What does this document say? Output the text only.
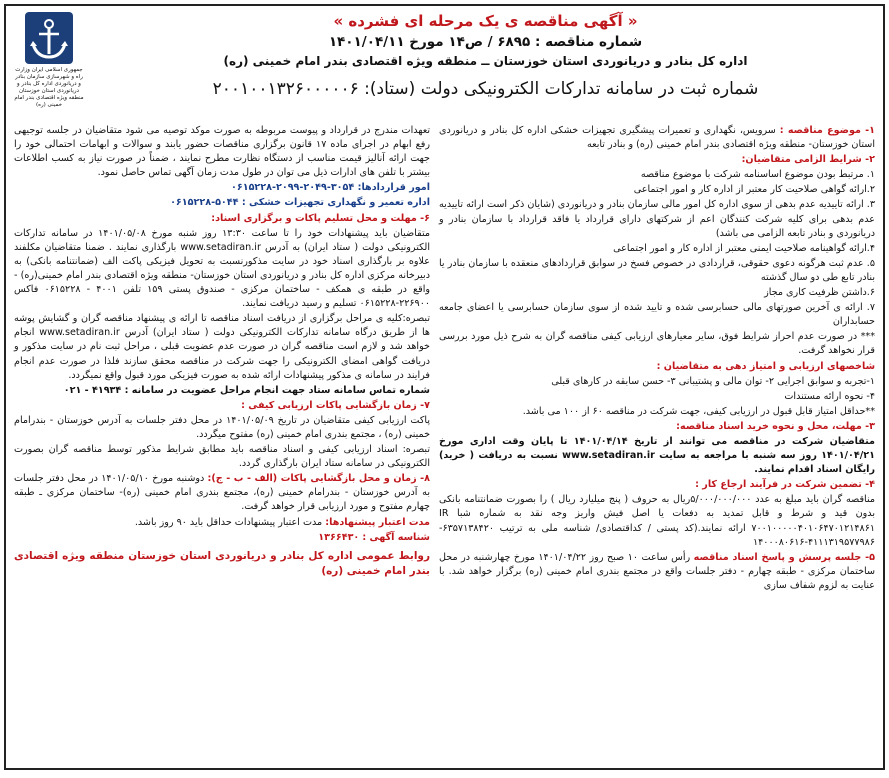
جمهوری اسلامی ایران وزارت راه و شهرسازی سازمان بنادر و دریانوردی اداره کل بنادر و دریانوردی استان خوزستان منطقه ویژه اقتصادی بندر امام خمینی (ره)
« آگهی مناقصه ی یک مرحله ای فشرده »
شماره مناقصه : ۶۸۹۵ / ص۱۴ مورخ ۱۴۰۱/۰۴/۱۱
اداره کل بنادر و دریانوردی استان خوزستان ــ منطقه ویژه اقتصادی بندر امام خمینی (ره)
شماره ثبت در سامانه تدارکات الکترونیکی دولت (ستاد): ۲۰۰۱۰۰۱۳۲۶۰۰۰۰۰۶

۱- موضوع مناقصه : سرویس، نگهداری و تعمیرات پیشگیری تجهیزات خشکی اداره کل بنادر و دریانوردی استان خوزستان- منطقه ویژه اقتصادی بندر امام خمینی (ره) و بنادر تابعه

۲- شرایط الزامی متقاضیان:

۱. مرتبط بودن موضوع اساسنامه شرکت با موضوع مناقصه

۲.ارائه گواهی صلاحیت کار معتبر از اداره کار و امور اجتماعی

۳. ارائه تاییدیه عدم بدهی از سوی اداره کل امور مالی سازمان بنادر و دریانوردی (شایان ذکر است ارائه تاییدیه عدم بدهی برای کلیه شرکت کنندگان اعم از شرکتهای دارای قرارداد یا فاقد قرارداد با سازمان بنادر و دریانوردی و بنادر تابعه الزامی می باشد)

۴.ارائه گواهینامه صلاحیت ایمنی معتبر از اداره کار و امور اجتماعی

۵. عدم ثبت هرگونه دعوی حقوقی، قراردادی در خصوص فسخ در سوابق قراردادهای منعقده با سازمان بنادر یا بنادر تابع طی دو سال گذشته

۶.داشتن ظرفیت کاری مجاز

۷. ارائه ی آخرین صورتهای مالی حسابرسی شده و تایید شده از سوی سازمان حسابرسی یا اعضای جامعه حسابداران

*** در صورت عدم احراز شرایط فوق، سایر معیارهای ارزیابی کیفی مناقصه گران به شرح ذیل مورد بررسی قرار نخواهد گرفت.

شاخصهای ارزیابی و امتیاز دهی به متقاضیان :

۱-تجربه و سوابق اجرایی ۲- توان مالی و پشتیبانی ۳- حسن سابقه در کارهای قبلی

۴- نحوه ارائه مستندات

**حداقل امتیاز قابل قبول در ارزیابی کیفی، جهت شرکت در مناقصه ۶۰ از ۱۰۰ می باشد.

۳- مهلت، محل و نحوه خرید اسناد مناقصه:

متقاضیان شرکت در مناقصه می توانند از تاریخ ۱۴۰۱/۰۴/۱۴ تا پایان وقت اداری مورخ ۱۴۰۱/۰۴/۲۱ روز سه شنبه با مراجعه به سایت www.setadiran.ir نسبت به دریافت ( خرید) رایگان اسناد اقدام نمایند.

۴- تضمین شرکت در فرآیند ارجاع کار :

مناقصه گران باید مبلغ به عدد ۵/۰۰۰/۰۰۰/۰۰۰ریال به حروف ( پنج میلیارد ریال ) را بصورت ضمانتنامه بانکی بدون قید و شرط و قابل تمدید به دفعات یا اصل فیش واریز وجه نقد به شماره شبا IR ۷۰۰۱۰۰۰۰۰۴۰۱۰۶۴۷۰۱۲۱۴۸۶۱ ارائه نمایند.(کد پستی / کداقتصادی/ شناسه ملی به ترتیب ۶۳۵۷۱۳۸۴۲۰- ۴۱۱۱۳۱۹۵۷۷۹۸۶-۱۴۰۰۰۸۰۶۱۶

۵- جلسه پرسش و پاسخ اسناد مناقصه رأس ساعت ۱۰ صبح روز ۱۴۰۱/۰۴/۲۲ مورخ چهارشنبه در محل ساختمان مرکزی - طبقه چهارم - دفتر جلسات واقع در مجتمع بندری امام خمینی (ره) برگزار خواهد شد. با عنایت به لزوم شفاف سازی

تعهدات مندرج در قرارداد و پیوست مربوطه به صورت موکد توصیه می شود متقاضیان در جلسه توجیهی رفع ابهام در اجرای ماده ۱۷ قانون برگزاری مناقصات حضور یابند و سوالات و ابهامات احتمالی خود را جهت ارائه آنالیز قیمت مناسب از دستگاه نظارت مطرح نمایند ، ضمناً در صورت نیاز به کسب اطلاعات بیشتر با تلفن های ادارات ذیل می توان در طول مدت زمان آگهی تماس حاصل نمود.

امور قراردادها: ۳۰۵۴-۲۰۴۹-۲۰۹۹-۰۶۱۵۲۲۸

اداره تعمیر و نگهداری تجهیزات خشکی : ۵۰۴۴-۰۶۱۵۲۲۸

۶- مهلت و محل تسلیم پاکات و برگزاری اسناد:

متقاضیان باید پیشنهادات خود را تا ساعت ۱۳:۳۰ روز شنبه مورخ ۱۴۰۱/۰۵/۰۸ در سامانه تدارکات الکترونیکی دولت ( ستاد ایران) به آدرس www.setadiran.ir بارگذاری نمایند . ضمنا متقاضیان مکلفند علاوه بر بارگذاری اسناد خود در سایت مذکورنسبت به تحویل فیزیکی پاکت الف (ضمانتنامه بانکی) به دبیرخانه مرکزی اداره کل بنادر و دریانوردی استان خوزستان- منطقه ویژه اقتصادی بندر امام خمینی(ره) - واقع در طبقه ی همکف - ساختمان مرکزی - صندوق پستی ۱۵۹ تلفن ۴۰۰۱ - ۰۶۱۵۲۲۸ فاکس ۲۲۶۹۰۰-۰۶۱۵۲۲۸ تسلیم و رسید دریافت نمایند.

تبصره:کلیه ی مراحل برگزاری از دریافت اسناد مناقصه تا ارائه ی پیشنهاد مناقصه گران و گشایش پوشه ها از طریق درگاه سامانه تدارکات الکترونیکی دولت ( ستاد ایران) آدرس www.setadiran.ir انجام خواهد شد و لازم است مناقصه گران در صورت عدم عضویت قبلی ، مراحل ثبت نام در سایت مذکور و دریافت گواهی امضای الکترونیکی را جهت شرکت در مناقصه محقق سازند فلذا در صورت عدم انجام فرایند در سامانه ی مذکور پیشنهادات ارائه شده به صورت فیزیکی مورد قبول واقع نمیگردد.

شماره تماس سامانه ستاد جهت انجام مراحل عضویت در سامانه : ۴۱۹۳۴ - ۰۲۱

۷- زمان بازگشایی پاکات ارزیابی کیفی :

پاکت ارزیابی کیفی متقاضیان در تاریخ ۱۴۰۱/۰۵/۰۹ در محل دفتر جلسات به آدرس خوزستان - بندرامام خمینی (ره) ، مجتمع بندری امام خمینی (ره) مفتوح میگردد.

تبصره: اسناد ارزیابی کیفی و اسناد مناقصه باید مطابق شرایط مذکور توسط مناقصه گران بصورت الکترونیکی در سامانه ستاد ایران بارگذاری گردد.

۸- زمان و محل بازگشایی پاکات (الف - ب - ج): دوشنبه مورخ ۱۴۰۱/۰۵/۱۰ در محل دفتر جلسات به آدرس خوزستان - بندرامام خمینی (ره)، مجتمع بندری امام خمینی (ره)- ساختمان مرکزی ـ طبقه چهارم مفتوح و مورد ارزیابی قرار خواهد گرفت.

مدت اعتبار پیشنهادها: مدت اعتبار پیشنهادات حداقل باید ۹۰ روز باشد.

شناسه آگهی : ۱۳۶۶۴۳۰

روابط عمومی اداره کل بنادر و دریانوردی استان خوزستان منطقه ویژه اقتصادی بندر امام خمینی (ره)
